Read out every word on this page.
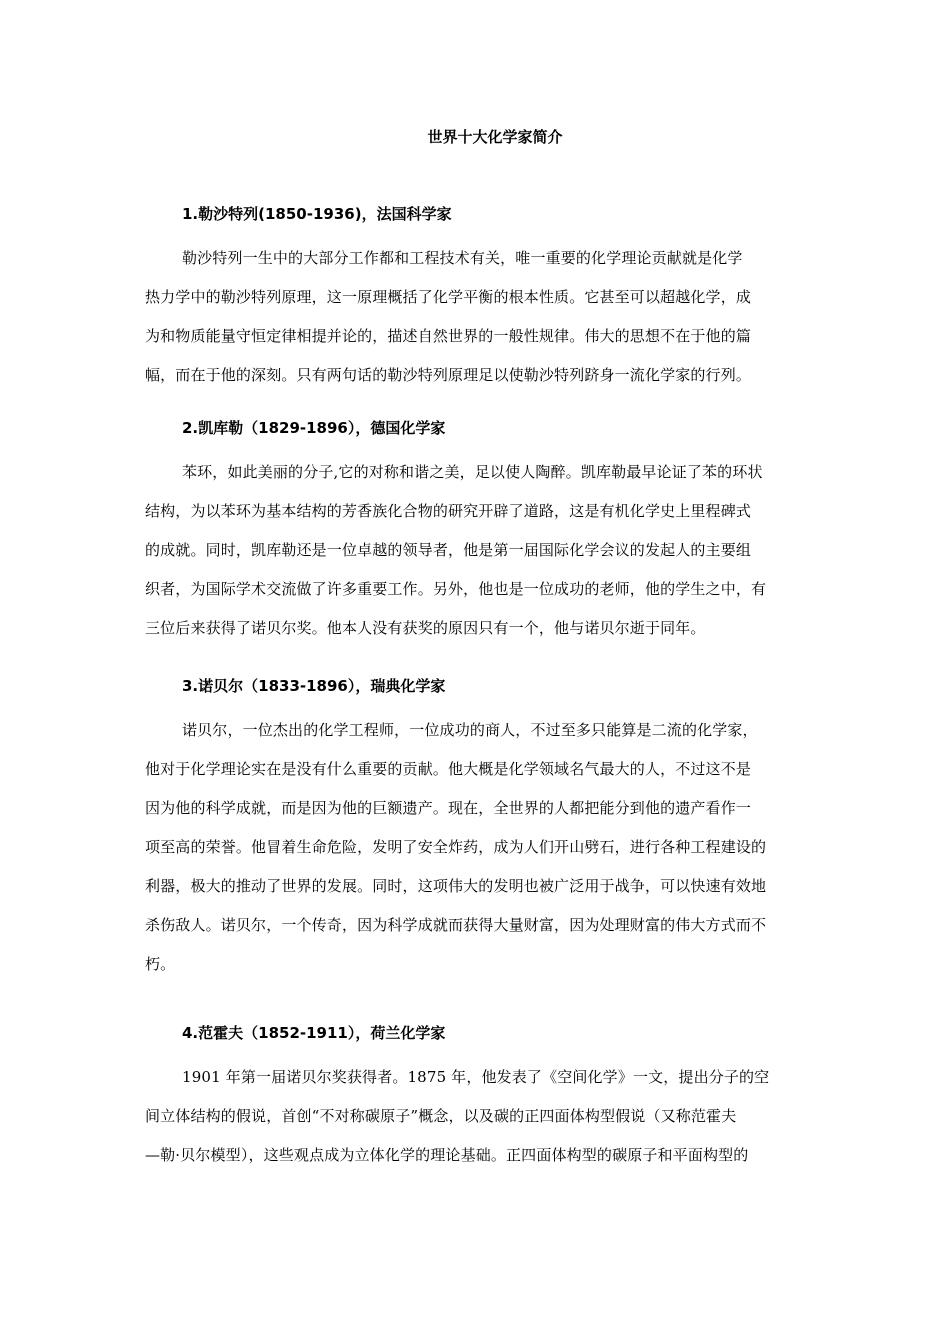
世界十大化学家简介
1.勒沙特列(1850-1936)，法国科学家

勒沙特列一生中的大部分工作都和工程技术有关，唯一重要的化学理论贡献就是化学
热力学中的勒沙特列原理，这一原理概括了化学平衡的根本性质。它甚至可以超越化学，成
为和物质能量守恒定律相提并论的，描述自然世界的一般性规律。伟大的思想不在于他的篇
幅，而在于他的深刻。只有两句话的勒沙特列原理足以使勒沙特列跻身一流化学家的行列。

2.凯库勒（1829-1896），德国化学家

苯环，如此美丽的分子,它的对称和谐之美，足以使人陶醉。凯库勒最早论证了苯的环状
结构，为以苯环为基本结构的芳香族化合物的研究开辟了道路，这是有机化学史上里程碑式
的成就。同时，凯库勒还是一位卓越的领导者，他是第一届国际化学会议的发起人的主要组
织者，为国际学术交流做了许多重要工作。另外，他也是一位成功的老师，他的学生之中，有
三位后来获得了诺贝尔奖。他本人没有获奖的原因只有一个，他与诺贝尔逝于同年。

3.诺贝尔（1833-1896），瑞典化学家

诺贝尔，一位杰出的化学工程师，一位成功的商人，不过至多只能算是二流的化学家，
他对于化学理论实在是没有什么重要的贡献。他大概是化学领域名气最大的人，不过这不是
因为他的科学成就，而是因为他的巨额遗产。现在，全世界的人都把能分到他的遗产看作一
项至高的荣誉。他冒着生命危险，发明了安全炸药，成为人们开山劈石，进行各种工程建设的
利器，极大的推动了世界的发展。同时，这项伟大的发明也被广泛用于战争，可以快速有效地
杀伤敌人。诺贝尔，一个传奇，因为科学成就而获得大量财富，因为处理财富的伟大方式而不
朽。

4.范霍夫（1852-1911），荷兰化学家

1901 年第一届诺贝尔奖获得者。1875 年，他发表了《空间化学》一文，提出分子的空
间立体结构的假说，首创“不对称碳原子”概念，以及碳的正四面体构型假说（又称范霍夫
—勒·贝尔模型），这些观点成为立体化学的理论基础。正四面体构型的碳原子和平面构型的
